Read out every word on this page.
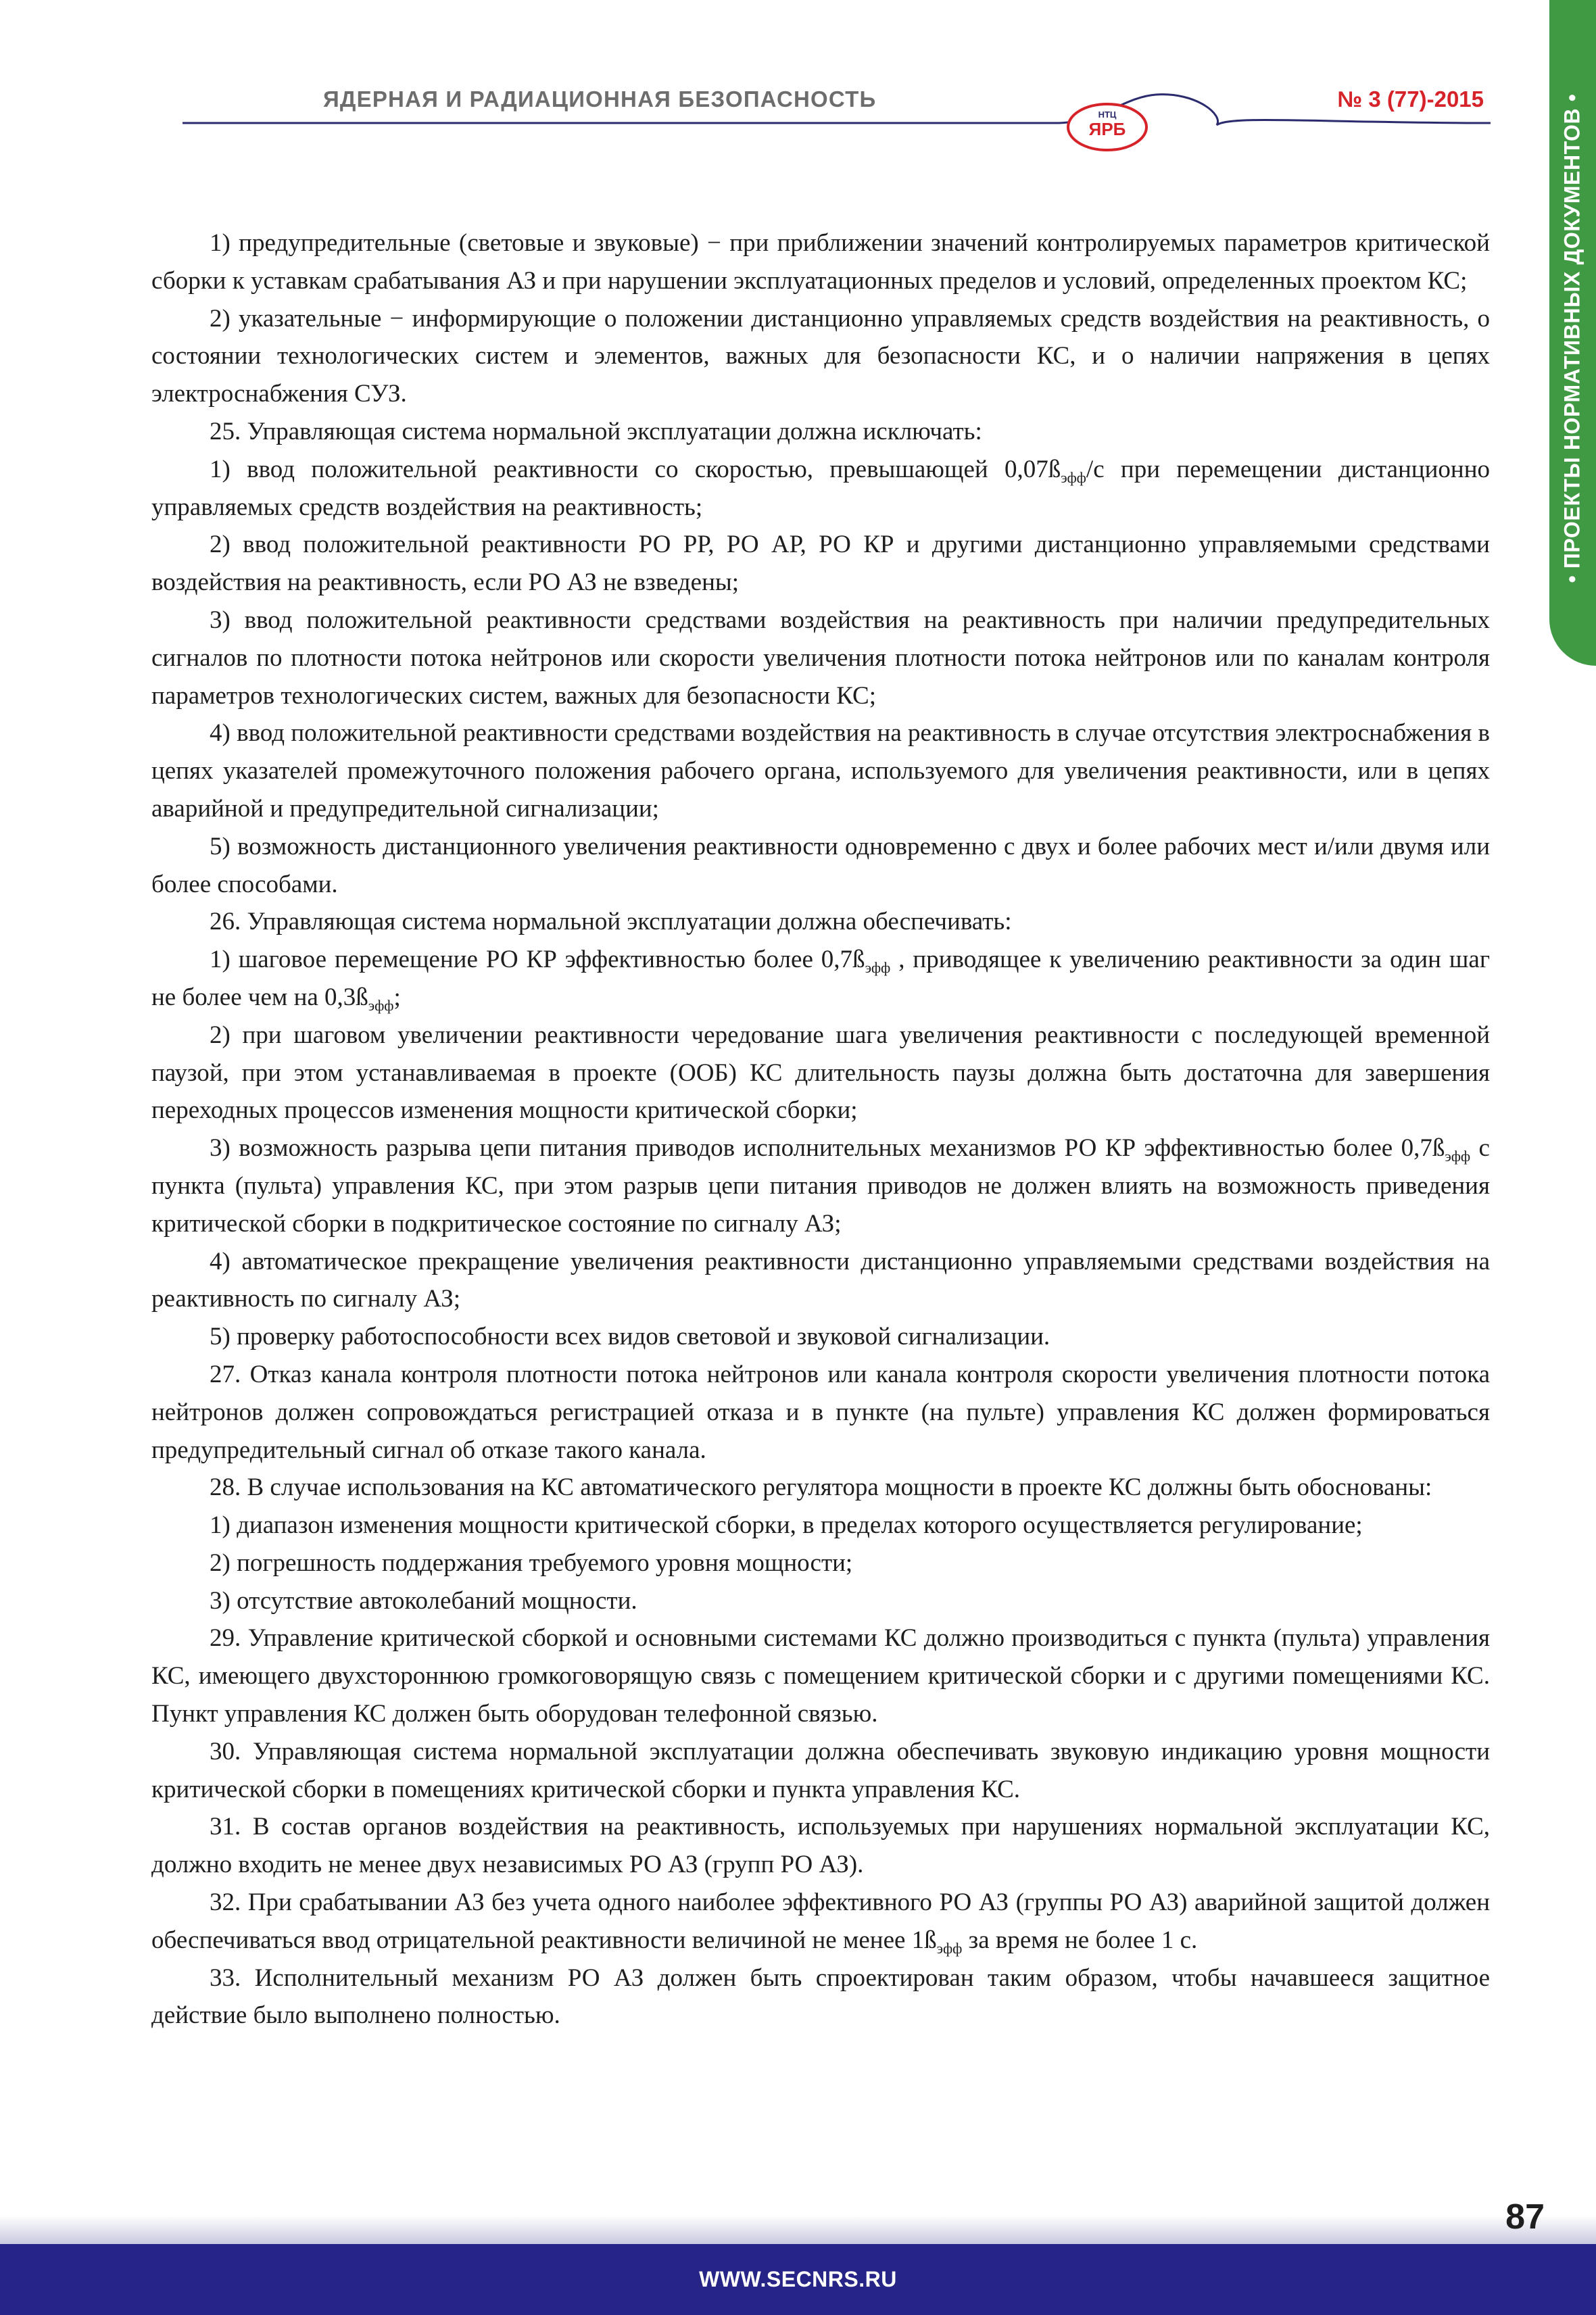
НТЦ
ЯРБ
ЯДЕРНАЯ И РАДИАЦИОННАЯ БЕЗОПАСНОСТЬ	№ 3 (77)-2015	• ПРОЕКТЫ НОРМАТИВНЫХ ДОКУМЕНТОВ •

1) предупредительные (световые и звуковые) − при приближении значений контролируемых параметров критической сборки к уставкам срабатывания АЗ и при нарушении эксплуатационных пределов и условий, определенных проектом КС;

2) указательные − информирующие о положении дистанционно управляемых средств воздействия на реактивность, о состоянии технологических систем и элементов, важных для безопасности КС, и о наличии напряжения в цепях электроснабжения СУЗ.

25. Управляющая система нормальной эксплуатации должна исключать:

1) ввод положительной реактивности со скоростью, превышающей $0,07ß_{эфф}/с$ при перемещении дистанционно управляемых средств воздействия на реактивность;

2) ввод положительной реактивности РО РР, РО АР, РО КР и другими дистанционно управляемыми средствами воздействия на реактивность, если РО АЗ не взведены;

3) ввод положительной реактивности средствами воздействия на реактивность при наличии предупредительных сигналов по плотности потока нейтронов или скорости увеличения плотности потока нейтронов или по каналам контроля параметров технологических систем, важных для безопасности КС;

4) ввод положительной реактивности средствами воздействия на реактивность в случае отсутствия электроснабжения в цепях указателей промежуточного положения рабочего органа, используемого для увеличения реактивности, или в цепях аварийной и предупредительной сигнализации;

5) возможность дистанционного увеличения реактивности одновременно с двух и более рабочих мест и/или двумя или более способами.

26. Управляющая система нормальной эксплуатации должна обеспечивать:

1) шаговое перемещение РО КР эффективностью более $0,7ß_{эфф}$ , приводящее к увеличению реактивности за один шаг не более чем на $0,3ß_{эфф}$;

2) при шаговом увеличении реактивности чередование шага увеличения реактивности с последующей временной паузой, при этом устанавливаемая в проекте (ООБ) КС длительность паузы должна быть достаточна для завершения переходных процессов изменения мощности критической сборки;

3) возможность разрыва цепи питания приводов исполнительных механизмов РО КР эффективностью более $0,7ß_{эфф}$ с пункта (пульта) управления КС, при этом разрыв цепи питания приводов не должен влиять на возможность приведения критической сборки в подкритическое состояние по сигналу АЗ;

4) автоматическое прекращение увеличения реактивности дистанционно управляемыми средствами воздействия на реактивность по сигналу АЗ;

5) проверку работоспособности всех видов световой и звуковой сигнализации.

27. Отказ канала контроля плотности потока нейтронов или канала контроля скорости увеличения плотности потока нейтронов должен сопровождаться регистрацией отказа и в пункте (на пульте) управления КС должен формироваться предупредительный сигнал об отказе такого канала.

28. В случае использования на КС автоматического регулятора мощности в проекте КС должны быть обоснованы:

1) диапазон изменения мощности критической сборки, в пределах которого осуществляется регулирование;

2) погрешность поддержания требуемого уровня мощности;

3) отсутствие автоколебаний мощности.

29. Управление критической сборкой и основными системами КС должно производиться с пункта (пульта) управления КС, имеющего двухстороннюю громкоговорящую связь с помещением критической сборки и с другими помещениями КС. Пункт управления КС должен быть оборудован телефонной связью.

30. Управляющая система нормальной эксплуатации должна обеспечивать звуковую индикацию уровня мощности критической сборки в помещениях критической сборки и пункта управления КС.

31. В состав органов воздействия на реактивность, используемых при нарушениях нормальной эксплуатации КС, должно входить не менее двух независимых РО АЗ (групп РО АЗ).

32. При срабатывании АЗ без учета одного наиболее эффективного РО АЗ (группы РО АЗ) аварийной защитой должен обеспечиваться ввод отрицательной реактивности величиной не менее $1ß_{эфф}$ за время не более 1 с.

33. Исполнительный механизм РО АЗ должен быть спроектирован таким образом, чтобы начавшееся защитное действие было выполнено полностью.

87
WWW.SECNRS.RU
